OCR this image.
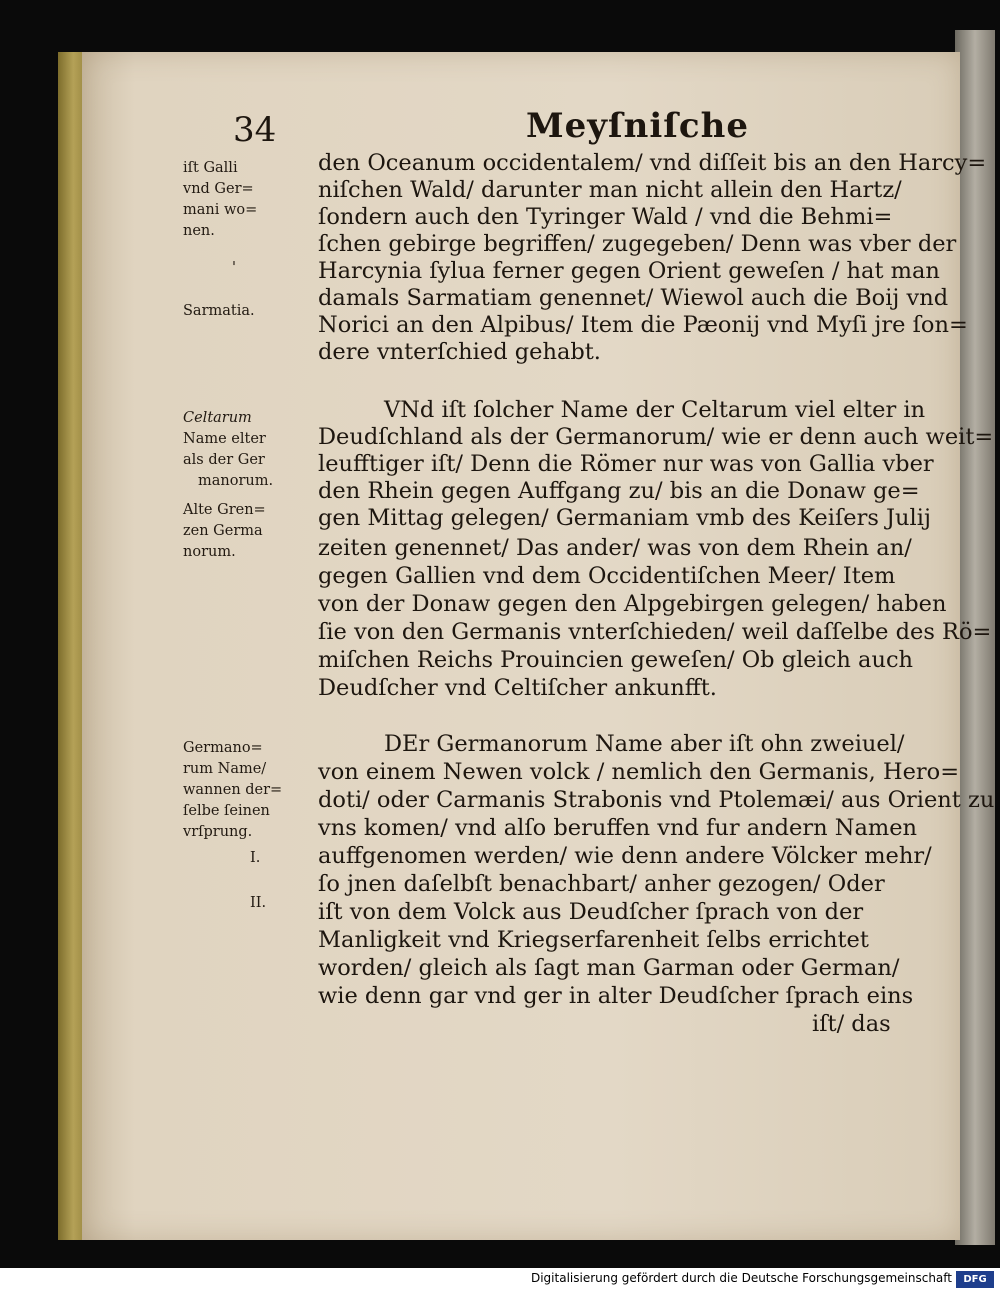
34	Meyſniſche
iſt Galli
vnd Ger=
mani wo=
nen.
'
Sarmatia.
Celtarum
Name elter
als der Ger
manorum.
Alte Gren=
zen Germa
norum.
Germano=
rum Name/
wannen der=
ſelbe ſeinen
vrſprung.
I.
II.
den Oceanum occidentalem/ vnd diſſeit bis an den Harcy=
niſchen Wald/ darunter man nicht allein den Hartz/
ſondern auch den Tyringer Wald / vnd die Behmi=
ſchen gebirge begriffen/ zugegeben/ Denn was vber der
Harcynia ſylua ferner gegen Orient geweſen / hat man
damals Sarmatiam genennet/ Wiewol auch die Boij vnd
Norici an den Alpibus/ Item die Pæonij vnd Myſi jre ſon=
dere vnterſchied gehabt.
VNd iſt ſolcher Name der Celtarum viel elter in
Deudſchland als der Germanorum/ wie er denn auch weit=
leufftiger iſt/ Denn die Römer nur was von Gallia vber
den Rhein gegen Auffgang zu/ bis an die Donaw ge=
gen Mittag gelegen/ Germaniam vmb des Keiſers Julij
zeiten genennet/ Das ander/ was von dem Rhein an/
gegen Gallien vnd dem Occidentiſchen Meer/ Item
von der Donaw gegen den Alpgebirgen gelegen/ haben
ſie von den Germanis vnterſchieden/ weil daſſelbe des Rö=
miſchen Reichs Prouincien geweſen/ Ob gleich auch
Deudſcher vnd Celtiſcher ankunfft.
DEr Germanorum Name aber iſt ohn zweiuel/
von einem Newen volck / nemlich den Germanis, Hero=
doti/ oder Carmanis Strabonis vnd Ptolemæi/ aus Orient zu
vns komen/ vnd alſo beruffen vnd fur andern Namen
auffgenomen werden/ wie denn andere Völcker mehr/
ſo jnen daſelbſt benachbart/ anher gezogen/ Oder
iſt von dem Volck aus Deudſcher ſprach von der
Manligkeit vnd Kriegserfarenheit ſelbs errichtet
worden/ gleich als ſagt man Garman oder German/
wie denn gar vnd ger in alter Deudſcher ſprach eins
iſt/ das
Digitalisierung gefördert durch die Deutsche Forschungsgemeinschaft	DFG
